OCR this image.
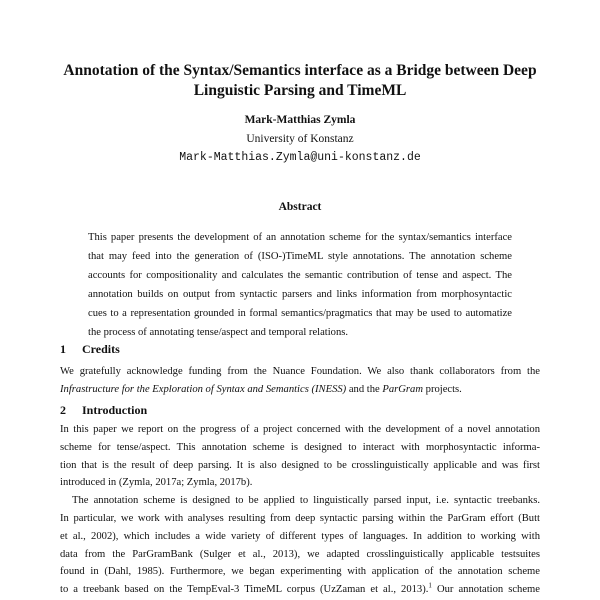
Annotation of the Syntax/Semantics interface as a Bridge between Deep
Linguistic Parsing and TimeML
Mark-Matthias Zymla
University of Konstanz
Mark-Matthias.Zymla@uni-konstanz.de
Abstract
This paper presents the development of an annotation scheme for the syntax/semantics interface
that may feed into the generation of (ISO-)TimeML style annotations. The annotation scheme
accounts for compositionality and calculates the semantic contribution of tense and aspect. The
annotation builds on output from syntactic parsers and links information from morphosyntactic
cues to a representation grounded in formal semantics/pragmatics that may be used to automatize
the process of annotating tense/aspect and temporal relations.
1 Credits
We gratefully acknowledge funding from the Nuance Foundation. We also thank collaborators from the
Infrastructure for the Exploration of Syntax and Semantics (INESS) and the ParGram projects.
2 Introduction
In this paper we report on the progress of a project concerned with the development of a novel annotation
scheme for tense/aspect. This annotation scheme is designed to interact with morphosyntactic informa-
tion that is the result of deep parsing. It is also designed to be crosslinguistically applicable and was first
introduced in (Zymla, 2017a; Zymla, 2017b).
The annotation scheme is designed to be applied to linguistically parsed input, i.e. syntactic treebanks.
In particular, we work with analyses resulting from deep syntactic parsing within the ParGram effort (Butt
et al., 2002), which includes a wide variety of different types of languages. In addition to working with
data from the ParGramBank (Sulger et al., 2013), we adapted crosslinguistically applicable testsuites
found in (Dahl, 1985). Furthermore, we began experimenting with application of the annotation scheme
to a treebank based on the TempEval-3 TimeML corpus (UzZaman et al., 2013).$^1$ Our annotation scheme
